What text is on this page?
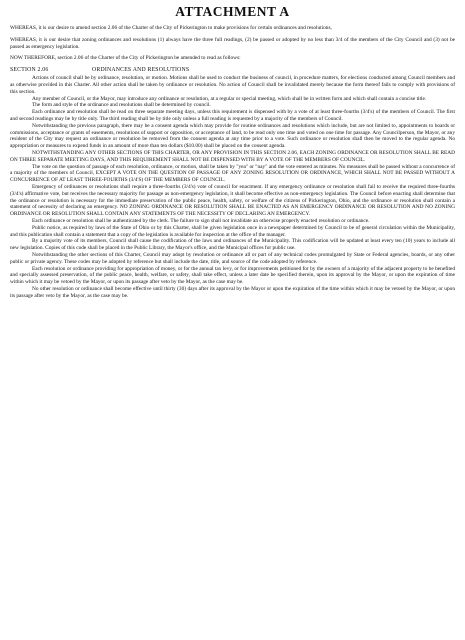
ATTACHMENT A

WHEREAS, it is our desire to amend section 2.06 of the Charter of the City of Pickerington to make provisions for certain ordinances and resolutions,

WHEREAS, it is our desire that zoning ordinances and resolutions (1) always have the three full readings, (2) be passed or adopted by no less than 3/4 of the members of the City Council and (3) not be passed as emergency legislation.

NOW THEREFORE, section 2.06 of the Charter of the City of Pickerington be amended to read as follows:

SECTION 2.06	ORDINANCES AND RESOLUTIONS

Actions of council shall be by ordinance, resolution, or motion. Motions shall be used to conduct the business of council, in procedure matters, for elections conducted among Council members and as otherwise provided in this Charter. All other action shall be taken by ordinance or resolution. No action of Council shall be invalidated merely because the form thereof fails to comply with provisions of this section.

Any member of Council, or the Mayor, may introduce any ordinance or resolution, at a regular or special meeting, which shall be in written form and which shall contain a concise title.

The form and style of the ordinance and resolutions shall be determined by council.

Each ordinance and resolution shall be read on three separate meeting days, unless this requirement is dispensed with by a vote of at least three-fourths (3/4's) of the members of Council. The first and second readings may be by title only. The third reading shall be by title only unless a full reading is requested by a majority of the members of Council.

Notwithstanding the previous paragraph, there may be a consent agenda which may provide for routine ordinances and resolutions which include, but are not limited to, appointments to boards or commissions, acceptance or grants of easements, resolutions of support or opposition, or acceptance of land, to be read only one time and voted on one time for passage. Any Councilperson, the Mayor, or any resident of the City may request an ordinance or resolution be removed from the consent agenda at any time prior to a vote. Such ordinance or resolution shall then be moved to the regular agenda. No appropriation or measures to expend funds in an amount of more than ten dollars ($10.00) shall be placed on the consent agenda.

NOTWITHSTANDING ANY OTHER SECTIONS OF THIS CHARTER, OR ANY PROVISION IN THIS SECTION 2.06, EACH ZONING ORDINANCE OR RESOLUTION SHALL BE READ ON THREE SEPARATE MEETING DAYS, AND THIS REQUIREMENT SHALL NOT BE DISPENSED WITH BY A VOTE OF THE MEMBERS OF COUNCIL.

The vote on the question of passage of each resolution, ordinance, or motion, shall be taken by "yea" or "nay" and the vote entered as minutes. No measures shall be passed without a concurrence of a majority of the members of Council, EXCEPT A VOTE ON THE QUESTION OF PASSAGE OF ANY ZONING RESOLUTION OR ORDINANCE, WHICH SHALL NOT BE PASSED WITHOUT A CONCURRENCE OF AT LEAST THREE-FOURTHS (3/4'S) OF THE MEMBERS OF COUNCIL.

Emergency of ordinances or resolutions shall require a three-fourths (3/4's) vote of council for enactment. If any emergency ordinance or resolution shall fail to receive the required three-fourths (3/4's) affirmative vote, but receives the necessary majority for passage as non-emergency legislation, it shall become effective as non-emergency legislation. The Council before enacting shall determine that the ordinance or resolution is necessary for the immediate preservation of the public peace, health, safety, or welfare of the citizens of Pickerington, Ohio, and the ordinance or resolution shall contain a statement of necessity of declaring an emergency. NO ZONING ORDINANCE OR RESOLUTION SHALL BE ENACTED AS AN EMERGENCY ORDINANCE OR RESOLUTION AND NO ZONING ORDINANCE OR RESOLUTION SHALL CONTAIN ANY STATEMENTS OF THE NECESSITY OF DECLARING AN EMERGENCY.

Each ordinance or resolution shall be authenticated by the clerk. The failure to sign shall not invalidate an otherwise properly enacted resolution or ordinance.

Public notice, as required by laws of the State of Ohio or by this Charter, shall be given legislation once in a newspaper determined by Council to be of general circulation within the Municipality, and this publication shall contain a statement that a copy of the legislation is available for inspection at the office of the manager.

By a majority vote of its members, Council shall cause the codification of the laws and ordinances of the Municipality. This codification will be updated at least every ten (10) years to include all new legislation. Copies of this code shall be placed in the Public Library, the Mayor's office, and the Municipal offices for public use.

Notwithstanding the other sections of this Charter, Council may adopt by resolution or ordinance all or part of any technical codes promulgated by State or Federal agencies, boards, or any other public or private agency. These codes may be adopted by reference but shall include the date, title, and source of the code adopted by reference.

Each resolution or ordinance providing for appropriation of money, or for the annual tax levy, or for improvements petitioned for by the owners of a majority of the adjacent property to be benefited and specially assessed preservation, of the public peace, health, welfare, or safety, shall take effect, unless a later date be specified therein, upon its approval by the Mayor, or upon the expiration of time within which it may be vetoed by the Mayor, or upon its passage after veto by the Mayor, as the case may be.

No other resolution or ordinance shall become effective until thirty (30) days after its approval by the Mayor or upon the expiration of the time within which it may be vetoed by the Mayor, or upon its passage after veto by the Mayor, as the case may be.
